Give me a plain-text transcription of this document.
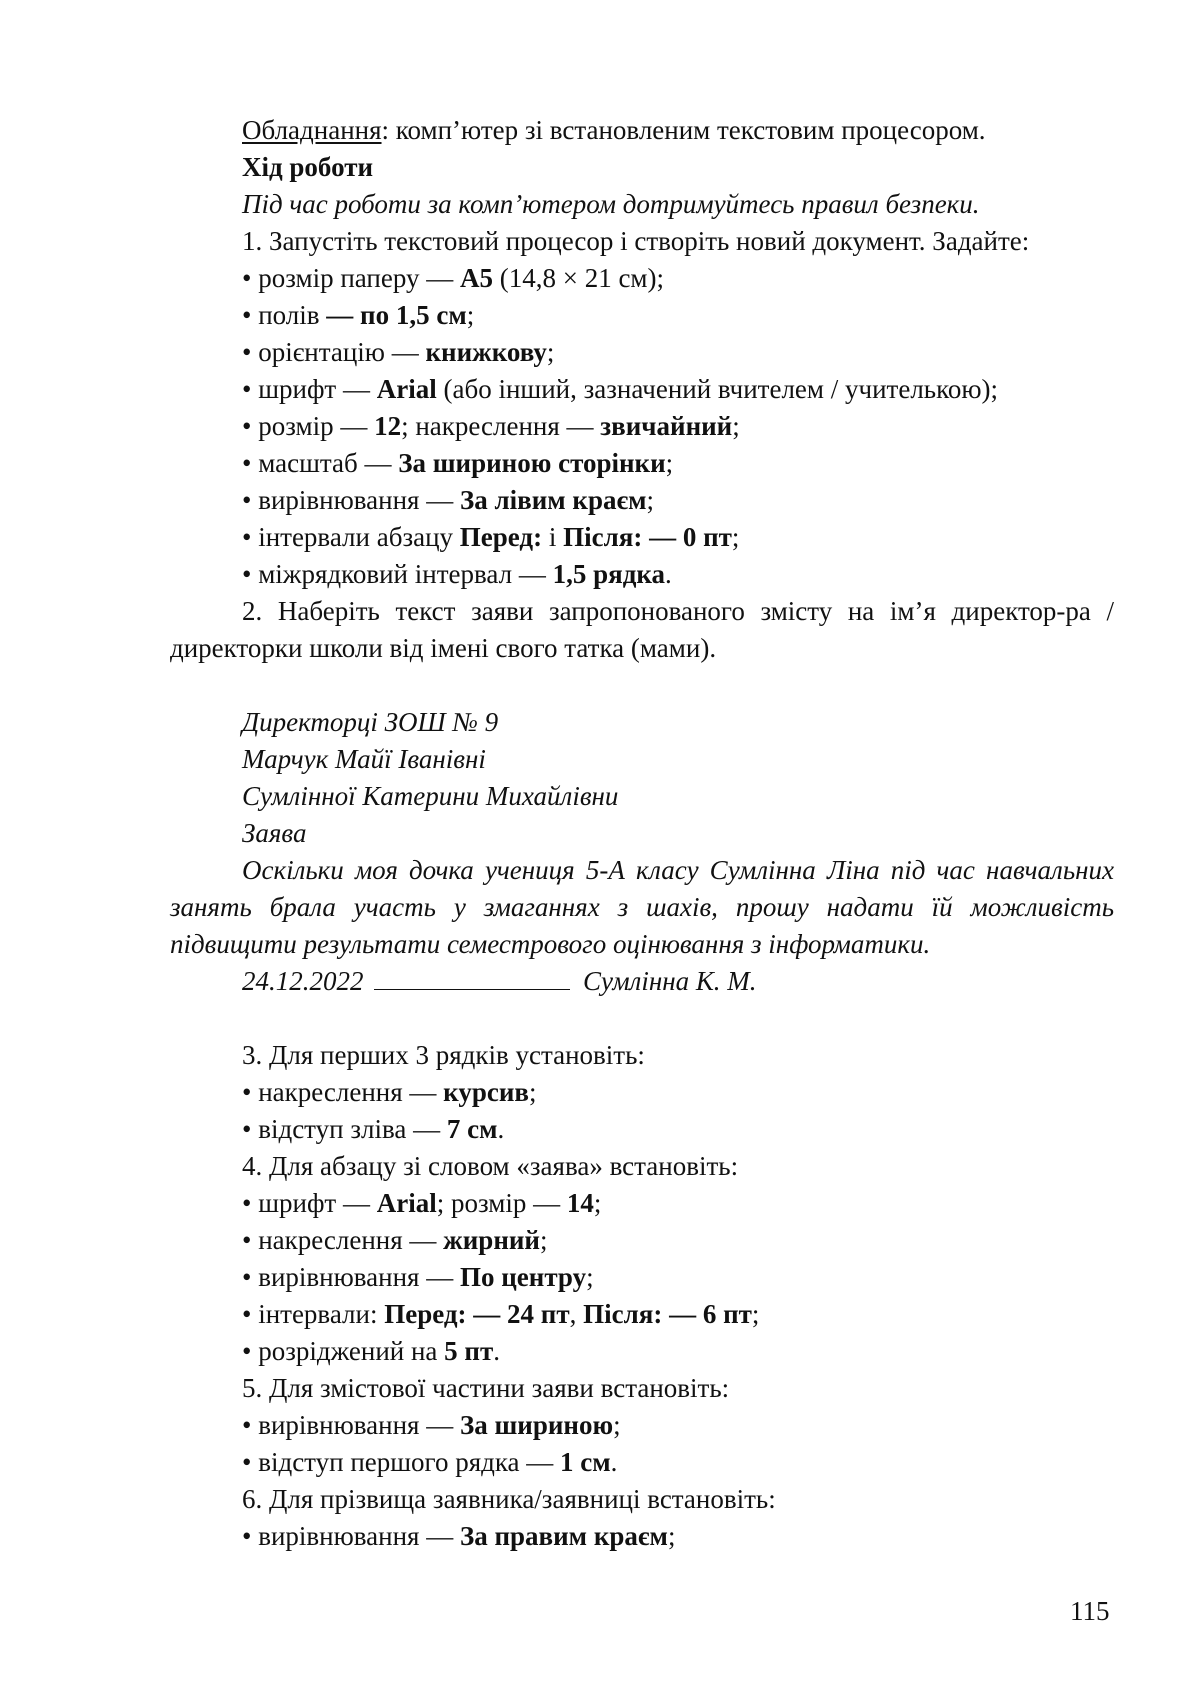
Обладнання: комп’ютер зі встановленим текстовим процесором.

Хід роботи

Під час роботи за комп’ютером дотримуйтесь правил безпеки.

1. Запустіть текстовий процесор і створіть новий документ. Задайте:

• розмір паперу — А5 (14,8 × 21 см);

• полів — по 1,5 см;

• орієнтацію — книжкову;

• шрифт — Arial (або інший, зазначений вчителем / учителькою);

• розмір — 12; накреслення — звичайний;

• масштаб — За шириною сторінки;

• вирівнювання — За лівим краєм;

• інтервали абзацу Перед: і Після: — 0 пт;

• міжрядковий інтервал — 1,5 рядка.

2. Наберіть текст заяви запропонованого змісту на ім’я директор-ра / директорки школи від імені свого татка (мами).

Директорці ЗОШ № 9

Марчук Майї Іванівні

Сумлінної Катерини Михайлівни

Заява

Оскільки моя дочка учениця 5-А класу Сумлінна Ліна під час навчальних занять брала участь у змаганнях з шахів, прошу надати їй можливість підвищити результати семестрового оцінювання з інформатики.

24.12.2022	Сумлінна К. М.

3. Для перших 3 рядків установіть:

• накреслення — курсив;

• відступ зліва — 7 см.

4. Для абзацу зі словом «заява» встановіть:

• шрифт — Arial; розмір — 14;

• накреслення — жирний;

• вирівнювання — По центру;

• інтервали: Перед: — 24 пт, Після: — 6 пт;

• розріджений на 5 пт.

5. Для змістової частини заяви встановіть:

• вирівнювання — За шириною;

• відступ першого рядка — 1 см.

6. Для прізвища заявника/заявниці встановіть:

• вирівнювання — За правим краєм;

115
